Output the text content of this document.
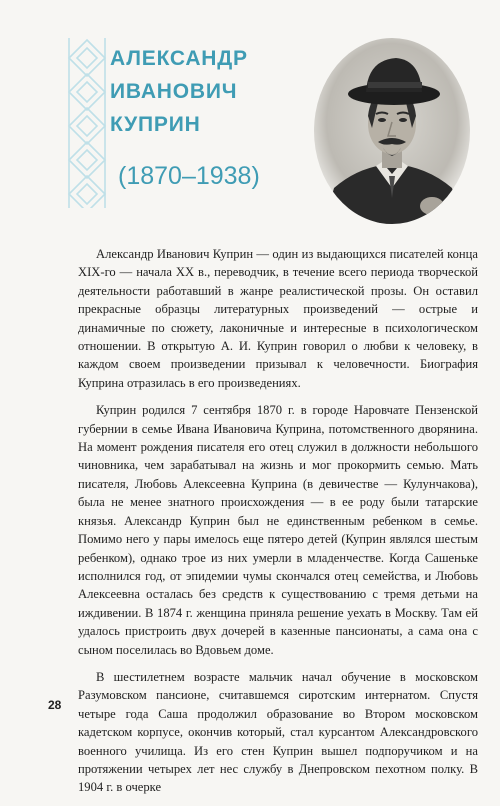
АЛЕКСАНДР
ИВАНОВИЧ
КУПРИН
(1870–1938)

Александр Иванович Куприн — один из выдающихся писателей конца XIX-го — начала XX в., переводчик, в течение всего периода творческой деятельности работавший в жанре реалистической прозы. Он оставил прекрасные образцы литературных произведений — острые и динамичные по сюжету, лаконичные и интересные в психологическом отношении. В открытую А. И. Куприн говорил о любви к человеку, в каждом своем произведении призывал к человечности. Биография Куприна отразилась в его произведениях.

Куприн родился 7 сентября 1870 г. в городе Наровчате Пензенской губернии в семье Ивана Ивановича Куприна, потомственного дворянина. На момент рождения писателя его отец служил в должности небольшого чиновника, чем зарабатывал на жизнь и мог прокормить семью. Мать писателя, Любовь Алексеевна Куприна (в девичестве — Кулунчакова), была не менее знатного происхождения — в ее роду были татарские князья. Александр Куприн был не единственным ребенком в семье. Помимо него у пары имелось еще пятеро детей (Куприн являлся шестым ребенком), однако трое из них умерли в младенчестве. Когда Сашеньке исполнился год, от эпидемии чумы скончался отец семейства, и Любовь Алексеевна осталась без средств к существованию с тремя детьми на иждивении. В 1874 г. женщина приняла решение уехать в Москву. Там ей удалось пристроить двух дочерей в казенные пансионаты, а сама она с сыном поселилась во Вдовьем доме.

В шестилетнем возрасте мальчик начал обучение в московском Разумовском пансионе, считавшемся сиротским интернатом. Спустя четыре года Саша продолжил образование во Втором московском кадетском корпусе, окончив который, стал курсантом Александровского военного училища. Из его стен Куприн вышел подпоручиком и на протяжении четырех лет нес службу в Днепровском пехотном полку. В 1904 г. в очерке

28
